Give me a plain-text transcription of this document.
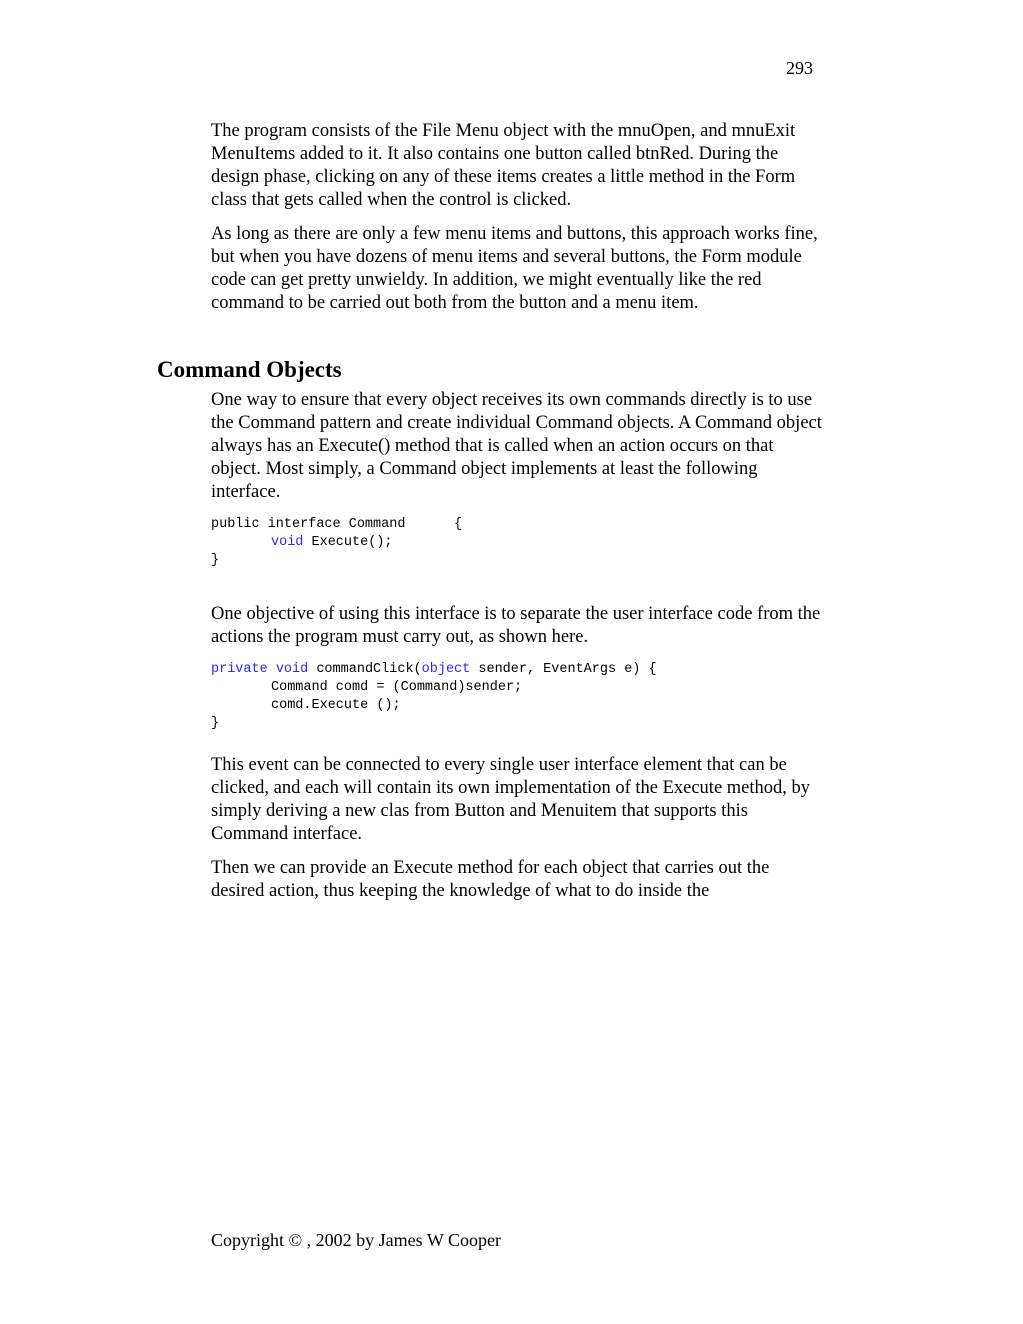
293

The program consists of the File Menu object with the mnuOpen, and mnuExit MenuItems added to it. It also contains one button called btnRed. During the design phase, clicking on any of these items creates a little method in the Form class that gets called when the control is clicked.

As long as there are only a few menu items and buttons, this approach works fine, but when you have dozens of menu items and several buttons, the Form module code can get pretty unwieldy. In addition, we might eventually like the red command to be carried out both from the button and a menu item.

Command Objects

One way to ensure that every object receives its own commands directly is to use the Command pattern and create individual Command objects. A Command object always has an Execute() method that is called when an action occurs on that object. Most simply, a Command object implements at least the following interface.

public interface Command      {
void Execute();
}

One objective of using this interface is to separate the user interface code from the actions the program must carry out, as shown here.

private void commandClick(object sender, EventArgs e) {
Command comd = (Command)sender;
comd.Execute ();
}

This event can be connected to every single user interface element that can be clicked, and each will contain its own implementation of the Execute method, by simply deriving a new clas from Button and Menuitem that supports this Command interface.

Then we can provide an Execute method for each object that carries out the desired action, thus keeping the knowledge of what to do inside the

Copyright © , 2002 by James W Cooper
